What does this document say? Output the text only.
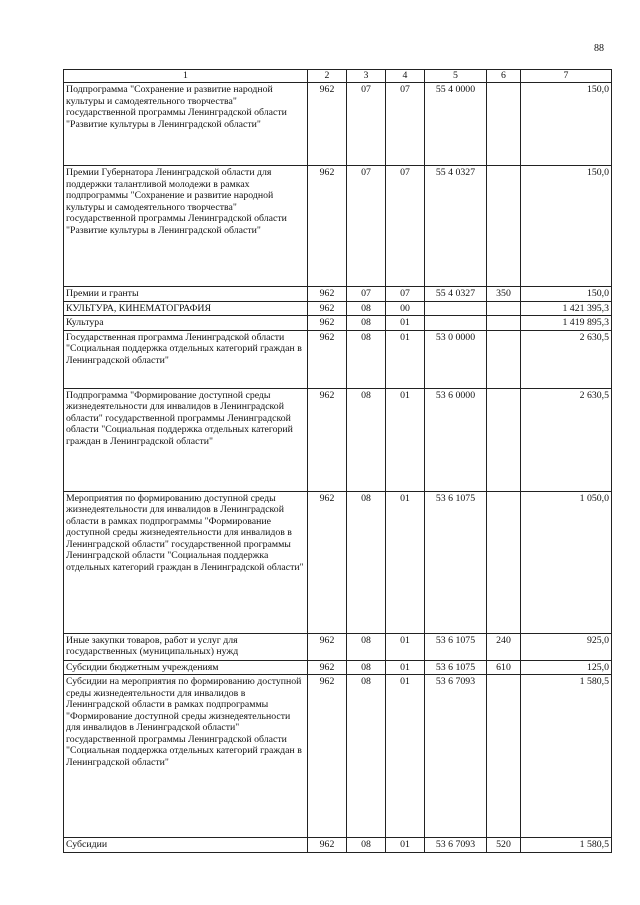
88
1	2	3	4	5	6	7
Подпрограмма "Сохранение и развитие народной культуры и самодеятельного творчества" государственной программы Ленинградской области "Развитие культуры в Ленинградской области"	962	07	07	55 4 0000		150,0
Премии Губернатора Ленинградской области для поддержки талантливой молодежи в рамках подпрограммы "Сохранение и развитие народной культуры и самодеятельного творчества" государственной программы Ленинградской области "Развитие культуры в Ленинградской области"	962	07	07	55 4 0327		150,0
Премии и гранты	962	07	07	55 4 0327	350	150,0
КУЛЬТУРА, КИНЕМАТОГРАФИЯ	962	08	00			1 421 395,3
Культура	962	08	01			1 419 895,3
Государственная программа Ленинградской области "Социальная поддержка отдельных категорий граждан в Ленинградской области"	962	08	01	53 0 0000		2 630,5
Подпрограмма "Формирование доступной среды жизнедеятельности для инвалидов в Ленинградской области" государственной программы Ленинградской области "Социальная поддержка отдельных категорий граждан в Ленинградской области"	962	08	01	53 6 0000		2 630,5
Мероприятия по формированию доступной среды жизнедеятельности для инвалидов в Ленинградской области в рамках подпрограммы "Формирование доступной среды жизнедеятельности для инвалидов в Ленинградской области" государственной программы Ленинградской области "Социальная поддержка отдельных категорий граждан в Ленинградской области"	962	08	01	53 6 1075		1 050,0
Иные закупки товаров, работ и услуг для государственных (муниципальных) нужд	962	08	01	53 6 1075	240	925,0
Субсидии бюджетным учреждениям	962	08	01	53 6 1075	610	125,0
Субсидии на мероприятия по формированию доступной среды жизнедеятельности для инвалидов в Ленинградской области в рамках подпрограммы "Формирование доступной среды жизнедеятельности для инвалидов в Ленинградской области" государственной программы Ленинградской области "Социальная поддержка отдельных категорий граждан в Ленинградской области"	962	08	01	53 6 7093		1 580,5
Субсидии	962	08	01	53 6 7093	520	1 580,5
